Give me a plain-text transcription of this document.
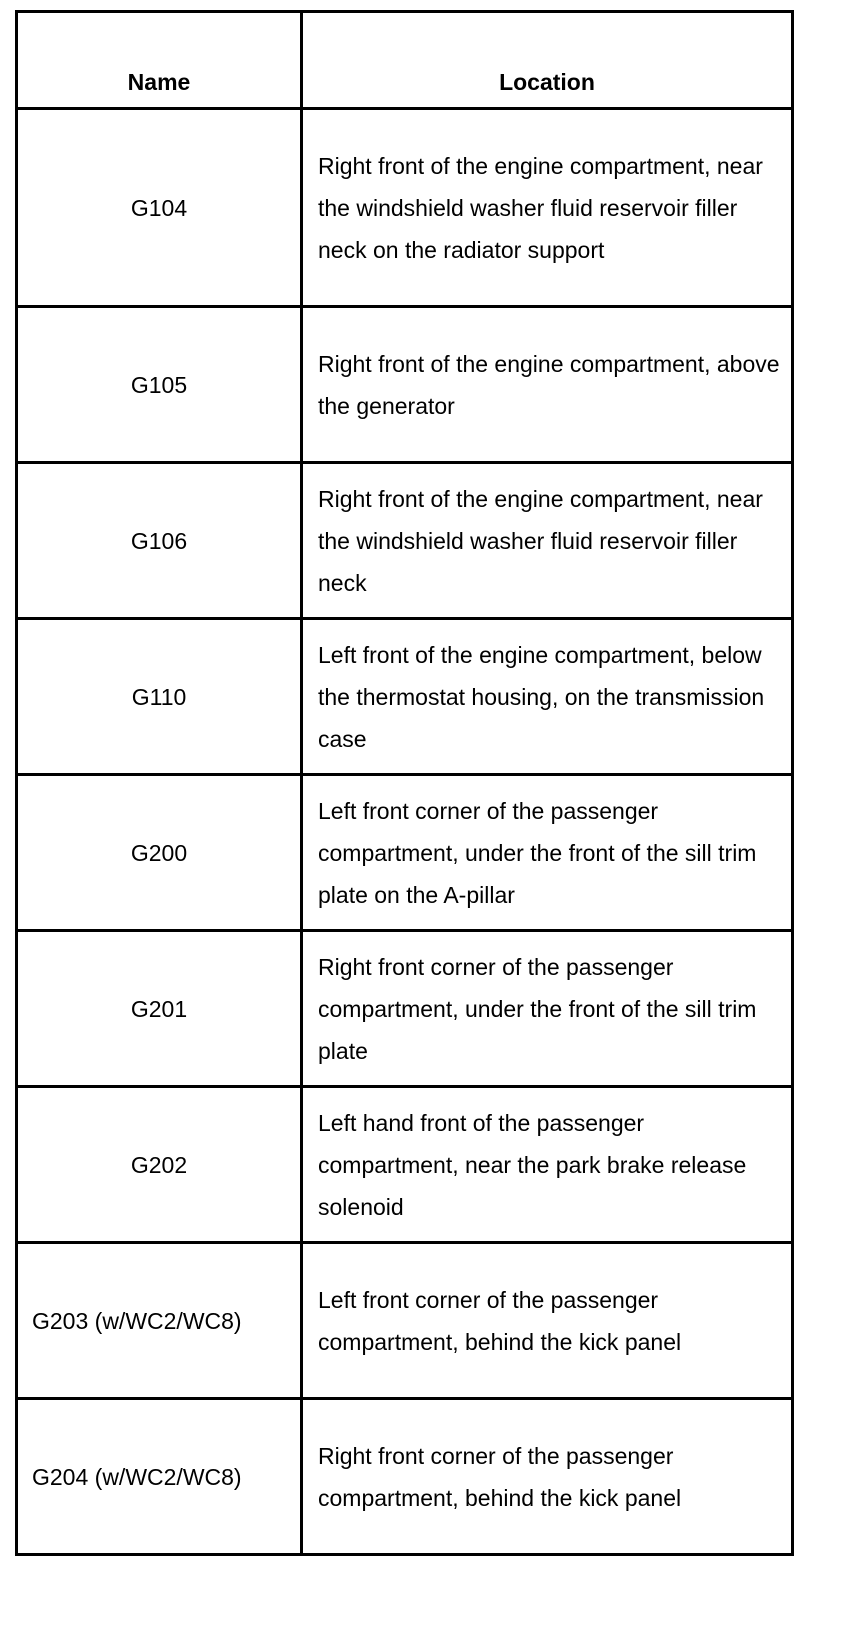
Name	Location
G104	Right front of the engine compartment, near the windshield washer fluid reservoir filler neck on the radiator support
G105	Right front of the engine compartment, above the generator
G106	Right front of the engine compartment, near the windshield washer fluid reservoir filler neck
G110	Left front of the engine compartment, below the thermostat housing, on the transmission case
G200	Left front corner of the passenger compartment, under the front of the sill trim plate on the A-pillar
G201	Right front corner of the passenger compartment, under the front of the sill trim plate
G202	Left hand front of the passenger compartment, near the park brake release solenoid
G203 (w/WC2/WC8)	Left front corner of the passenger compartment, behind the kick panel
G204 (w/WC2/WC8)	Right front corner of the passenger compartment, behind the kick panel
